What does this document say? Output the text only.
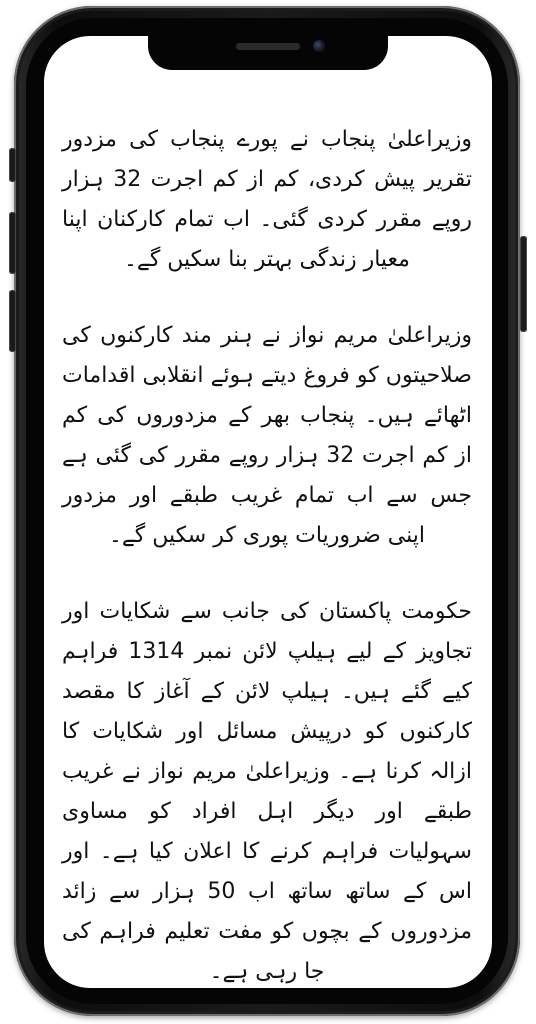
وزیراعلیٰ پنجاب نے پورے پنجاب کی مزدور تقریر پیش کردی، کم از کم اجرت 32 ہزار روپے مقرر کردی گئی۔ اب تمام کارکنان اپنا معیار زندگی بہتر بنا سکیں گے۔

وزیراعلیٰ مریم نواز نے ہنر مند کارکنوں کی صلاحیتوں کو فروغ دیتے ہوئے انقلابی اقدامات اٹھائے ہیں۔ پنجاب بھر کے مزدوروں کی کم از کم اجرت 32 ہزار روپے مقرر کی گئی ہے جس سے اب تمام غریب طبقے اور مزدور اپنی ضروریات پوری کر سکیں گے۔

حکومت پاکستان کی جانب سے شکایات اور تجاویز کے لیے ہیلپ لائن نمبر 1314 فراہم کیے گئے ہیں۔ ہیلپ لائن کے آغاز کا مقصد کارکنوں کو درپیش مسائل اور شکایات کا ازالہ کرنا ہے۔ وزیراعلیٰ مریم نواز نے غریب طبقے اور دیگر اہل افراد کو مساوی سہولیات فراہم کرنے کا اعلان کیا ہے۔ اور اس کے ساتھ ساتھ اب 50 ہزار سے زائد مزدوروں کے بچوں کو مفت تعلیم فراہم کی جا رہی ہے۔
